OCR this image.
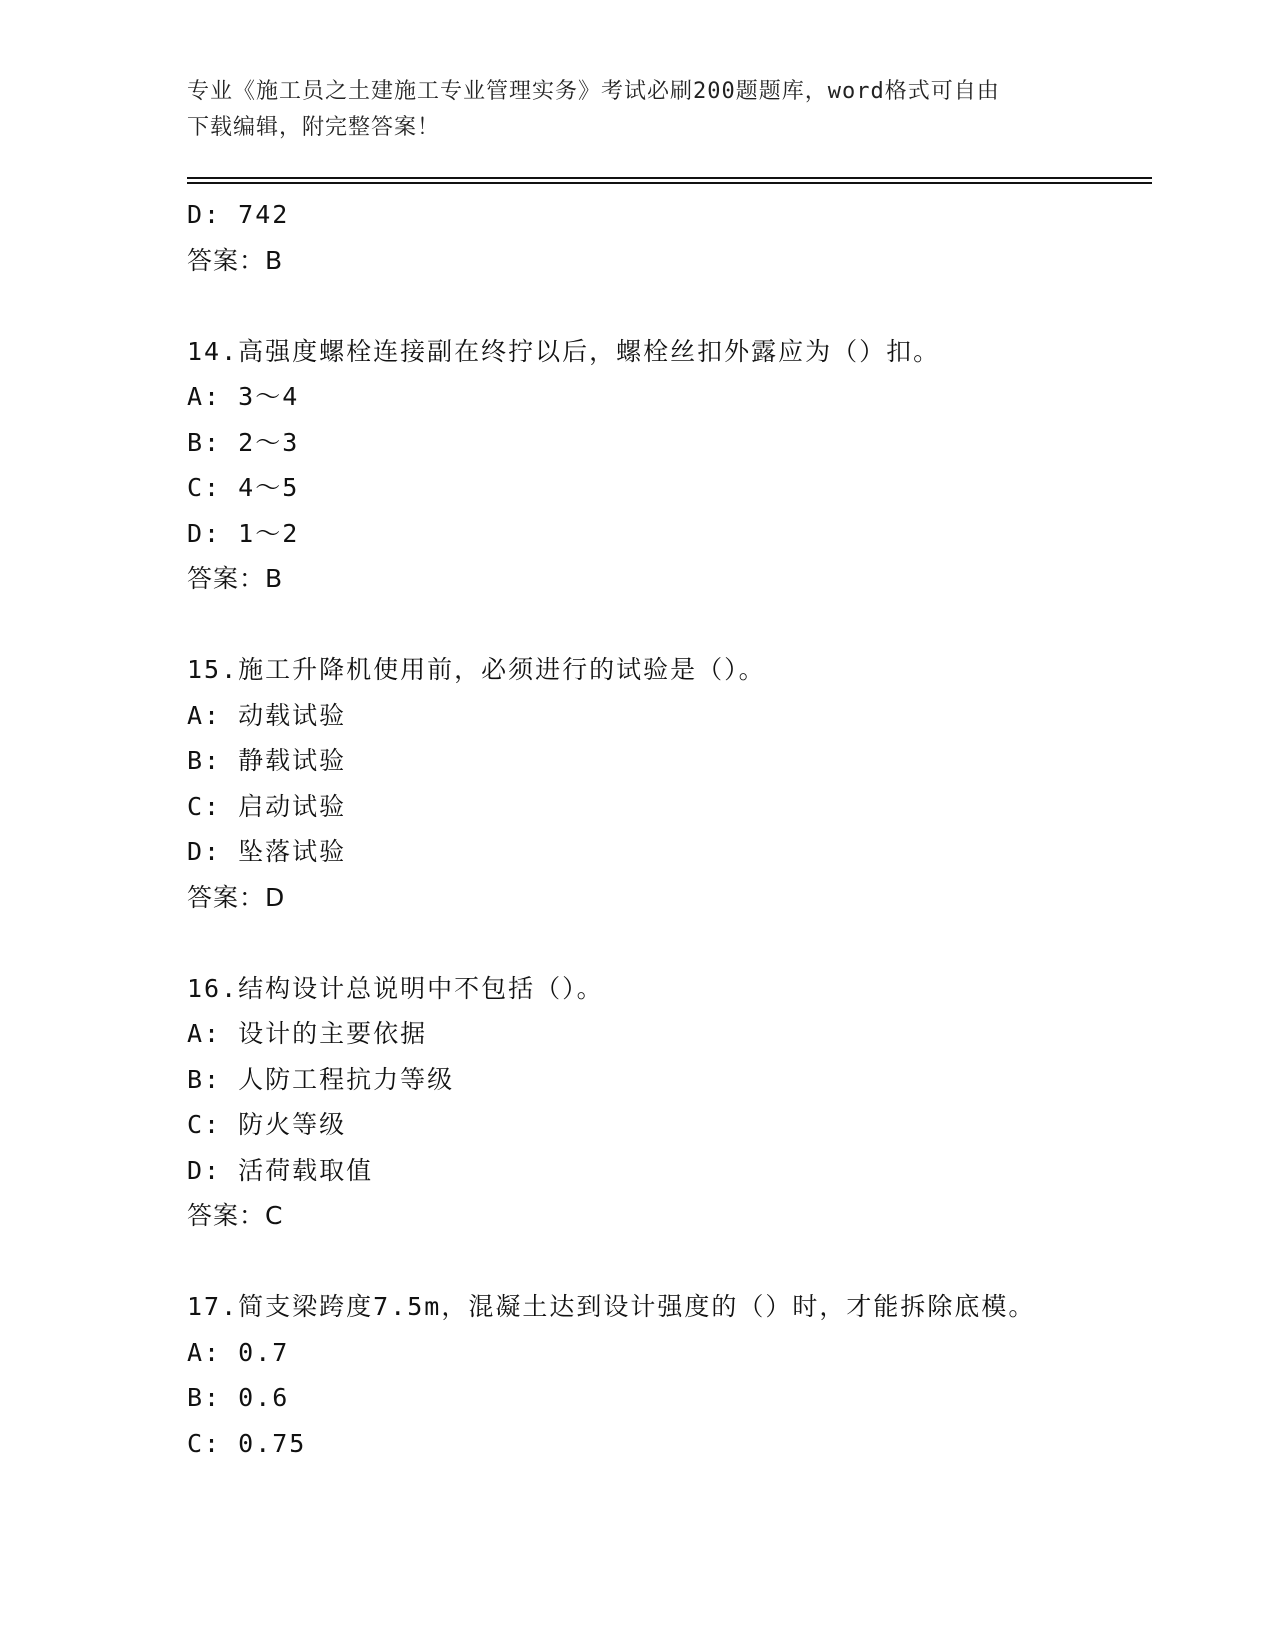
专业《施工员之土建施工专业管理实务》考试必刷200题题库，word格式可自由
下载编辑，附完整答案！
D: 742
答案：B
14.高强度螺栓连接副在终拧以后，螺栓丝扣外露应为（）扣。
A: 3～4
B: 2～3
C: 4～5
D: 1～2
答案：B
15.施工升降机使用前，必须进行的试验是（）。
A: 动载试验
B: 静载试验
C: 启动试验
D: 坠落试验
答案：D
16.结构设计总说明中不包括（）。
A: 设计的主要依据
B: 人防工程抗力等级
C: 防火等级
D: 活荷载取值
答案：C
17.简支梁跨度7.5m，混凝土达到设计强度的（）时，才能拆除底模。
A: 0.7
B: 0.6
C: 0.75
